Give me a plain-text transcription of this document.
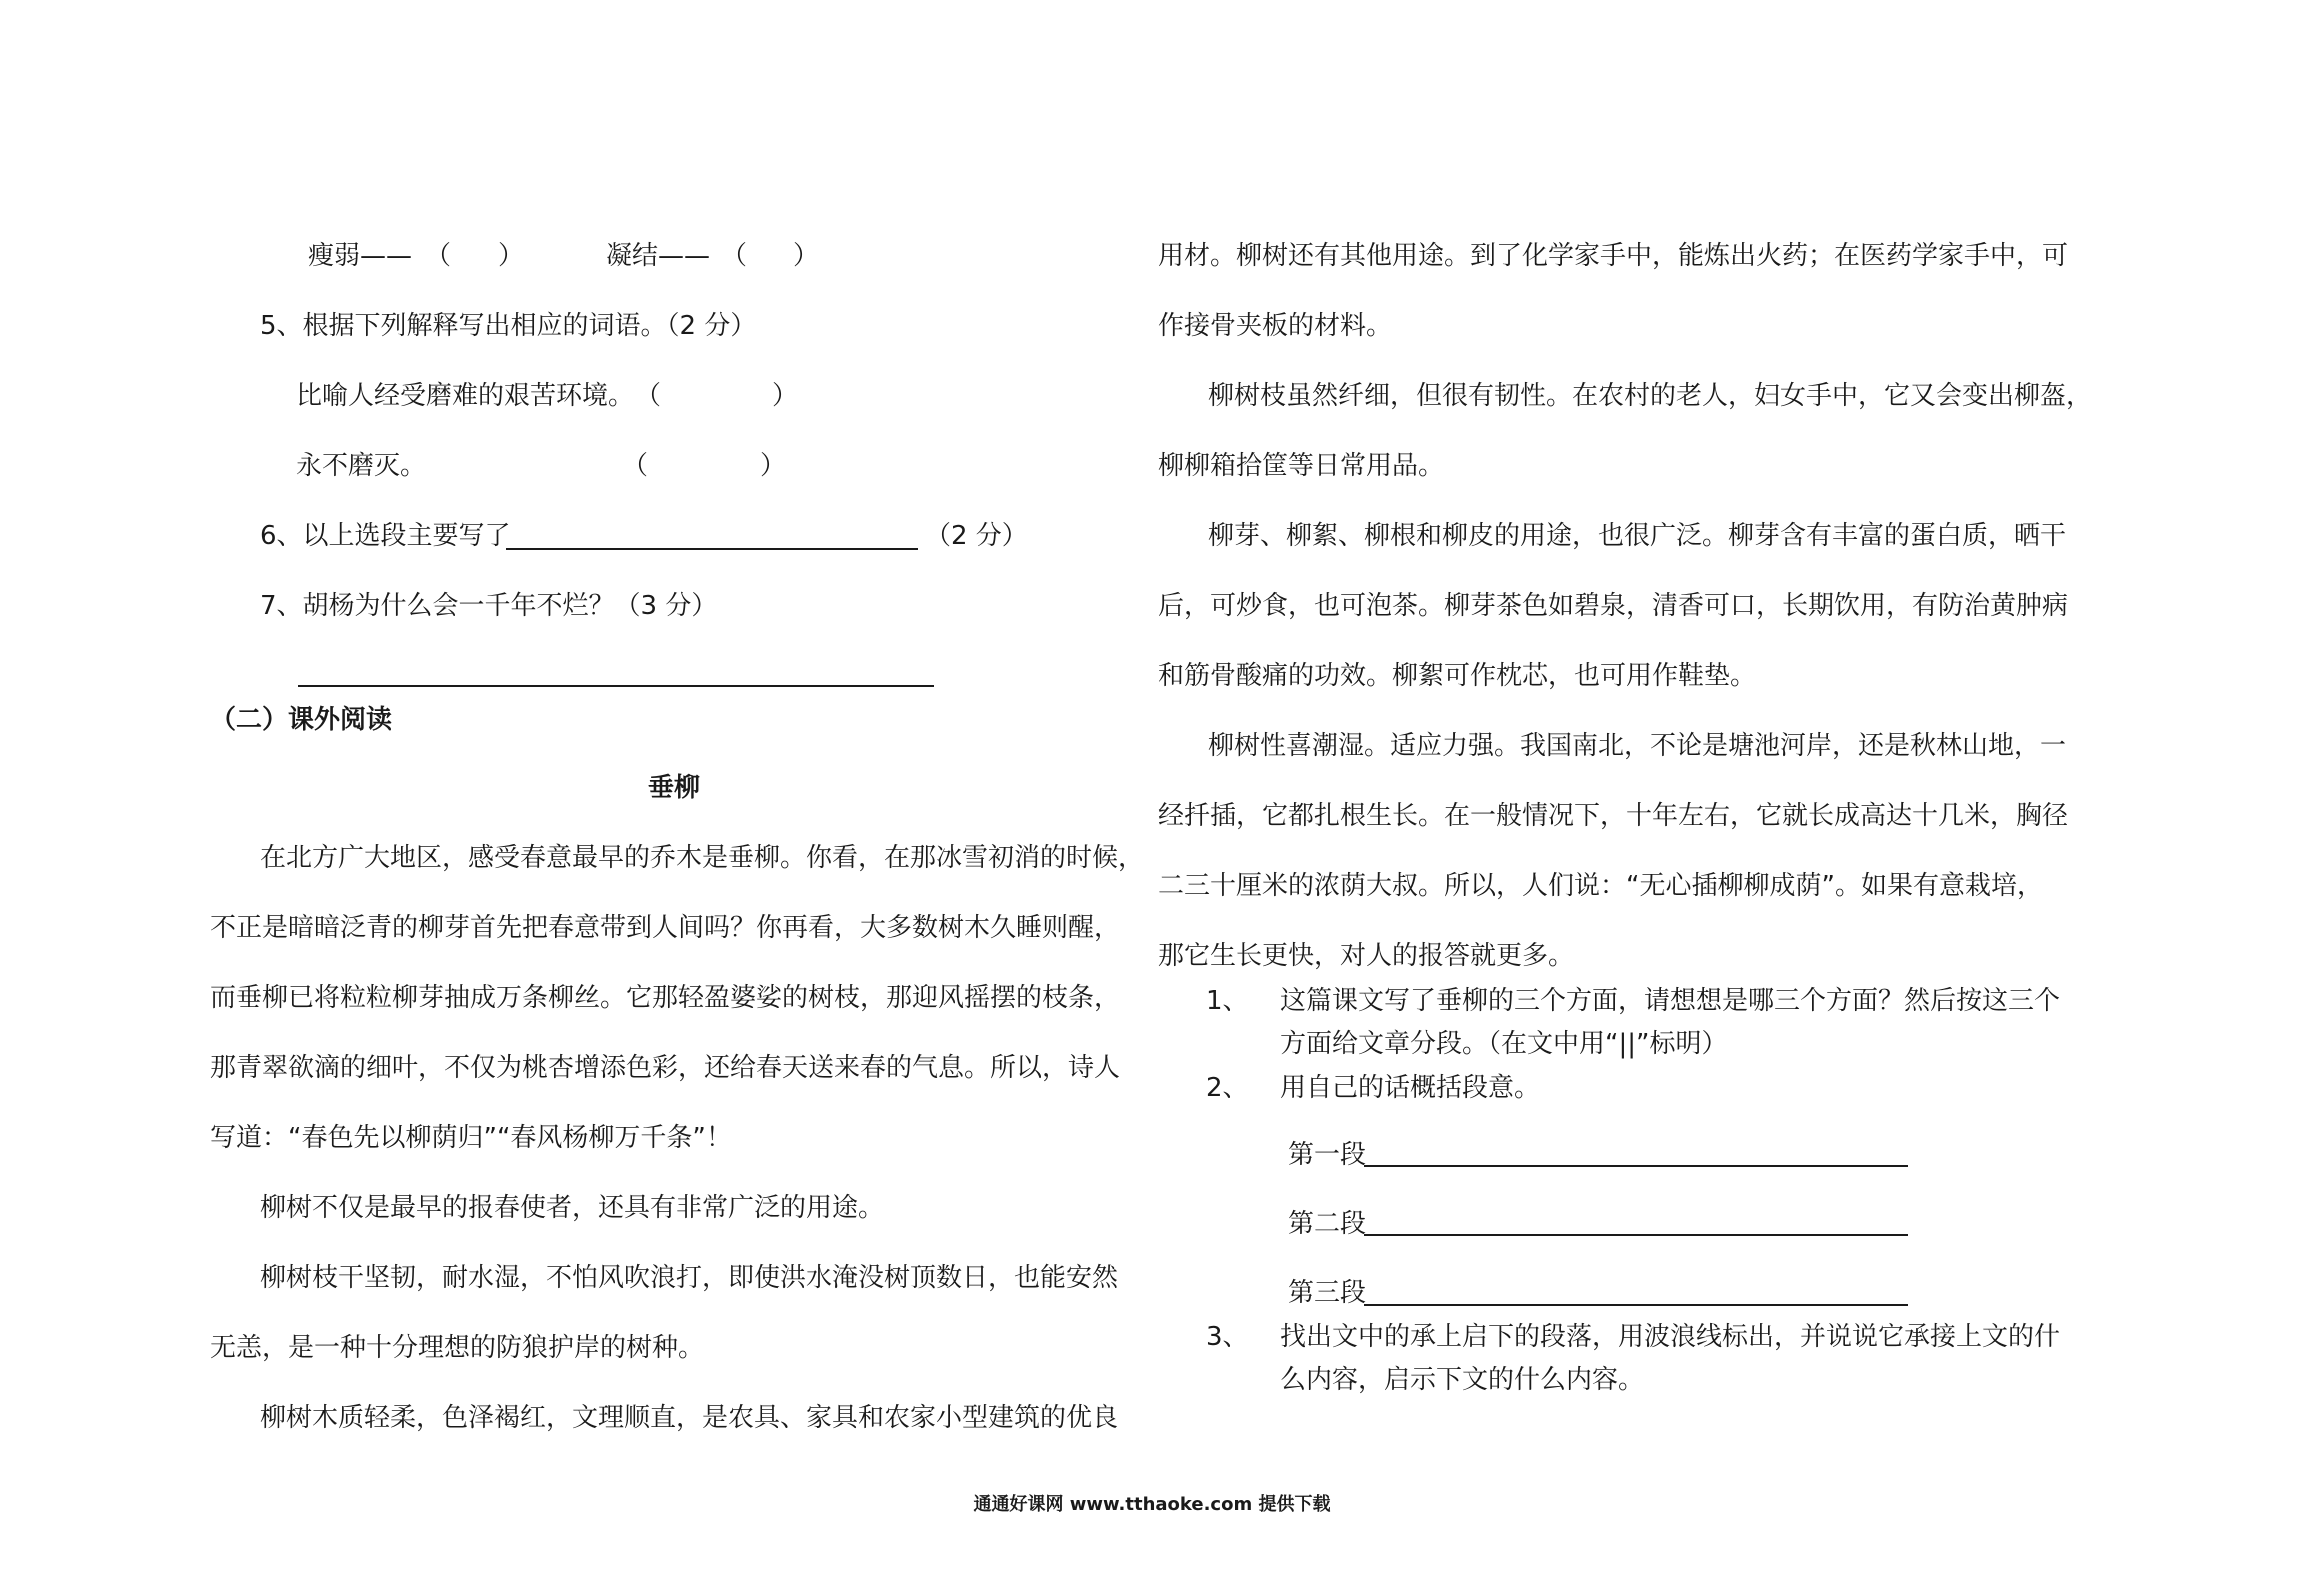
瘦弱—— （ ）	凝结—— （ ）
5、根据下列解释写出相应的词语。（2 分）
比喻人经受磨难的艰苦环境。 （	）
永不磨灭。	（	）
6、以上选段主要写了	（2 分）
7、胡杨为什么会一千年不烂？（3 分）
（二）课外阅读
垂柳
在北方广大地区，感受春意最早的乔木是垂柳。你看，在那冰雪初消的时候，
不正是暗暗泛青的柳芽首先把春意带到人间吗？你再看，大多数树木久睡则醒，
而垂柳已将粒粒柳芽抽成万条柳丝。它那轻盈婆娑的树枝，那迎风摇摆的枝条，
那青翠欲滴的细叶，不仅为桃杏增添色彩，还给春天送来春的气息。所以，诗人
写道：“春色先以柳荫归”“春风杨柳万千条”！
柳树不仅是最早的报春使者，还具有非常广泛的用途。
柳树枝干坚韧，耐水湿，不怕风吹浪打，即使洪水淹没树顶数日，也能安然
无恙，是一种十分理想的防狼护岸的树种。
柳树木质轻柔，色泽褐红，文理顺直，是农具、家具和农家小型建筑的优良
用材。柳树还有其他用途。到了化学家手中，能炼出火药；在医药学家手中，可
作接骨夹板的材料。
柳树枝虽然纤细，但很有韧性。在农村的老人，妇女手中，它又会变出柳盔，
柳柳箱拾筐等日常用品。
柳芽、柳絮、柳根和柳皮的用途，也很广泛。柳芽含有丰富的蛋白质，晒干
后，可炒食，也可泡茶。柳芽茶色如碧泉，清香可口，长期饮用，有防治黄肿病
和筋骨酸痛的功效。柳絮可作枕芯，也可用作鞋垫。
柳树性喜潮湿。适应力强。我国南北，不论是塘池河岸，还是秋林山地，一
经扦插，它都扎根生长。在一般情况下，十年左右，它就长成高达十几米，胸径
二三十厘米的浓荫大叔。所以，人们说：“无心插柳柳成荫”。如果有意栽培，
那它生长更快，对人的报答就更多。
1、 这篇课文写了垂柳的三个方面，请想想是哪三个方面？然后按这三个
方面给文章分段。（在文中用“||”标明）
2、 用自己的话概括段意。
第一段
第二段
第三段
3、 找出文中的承上启下的段落，用波浪线标出，并说说它承接上文的什
么内容，启示下文的什么内容。
通通好课网 www.tthaoke.com 提供下载
